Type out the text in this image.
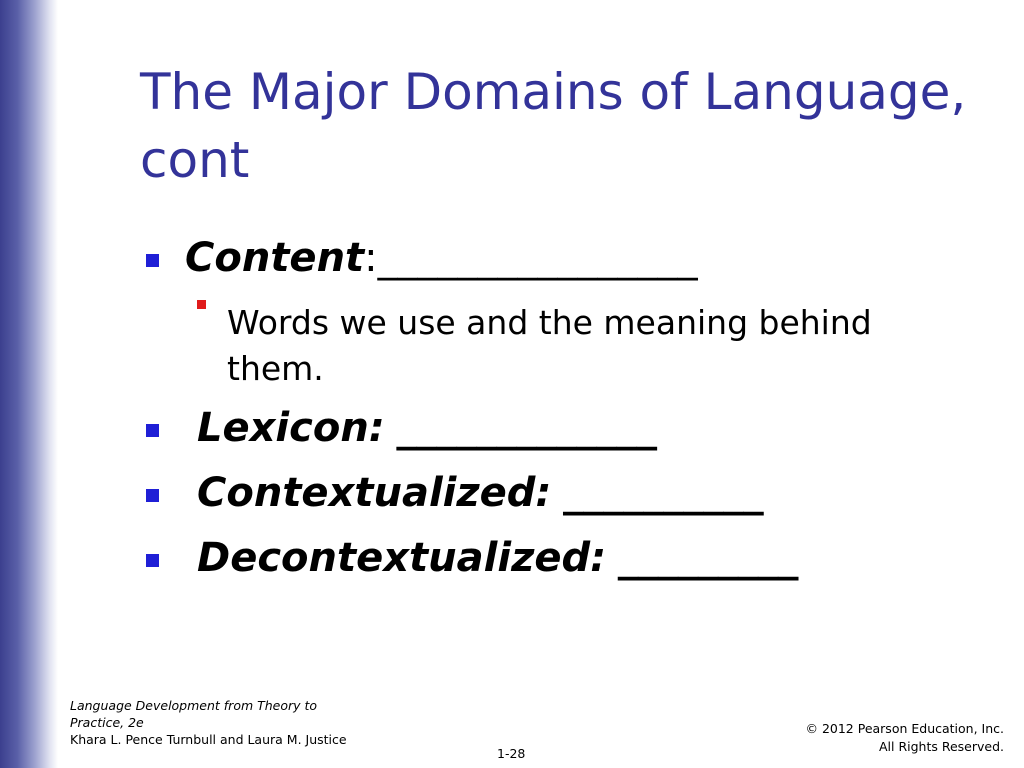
The Major Domains of Language, cont
Content : ________________
Words we use and the meaning behind them.
Lexicon: _____________
Contextualized: __________
Decontextualized: _________
Language Development from Theory to Practice, 2e
Khara L. Pence Turnbull and Laura M. Justice
1-28
© 2012 Pearson Education, Inc.
All Rights Reserved.
